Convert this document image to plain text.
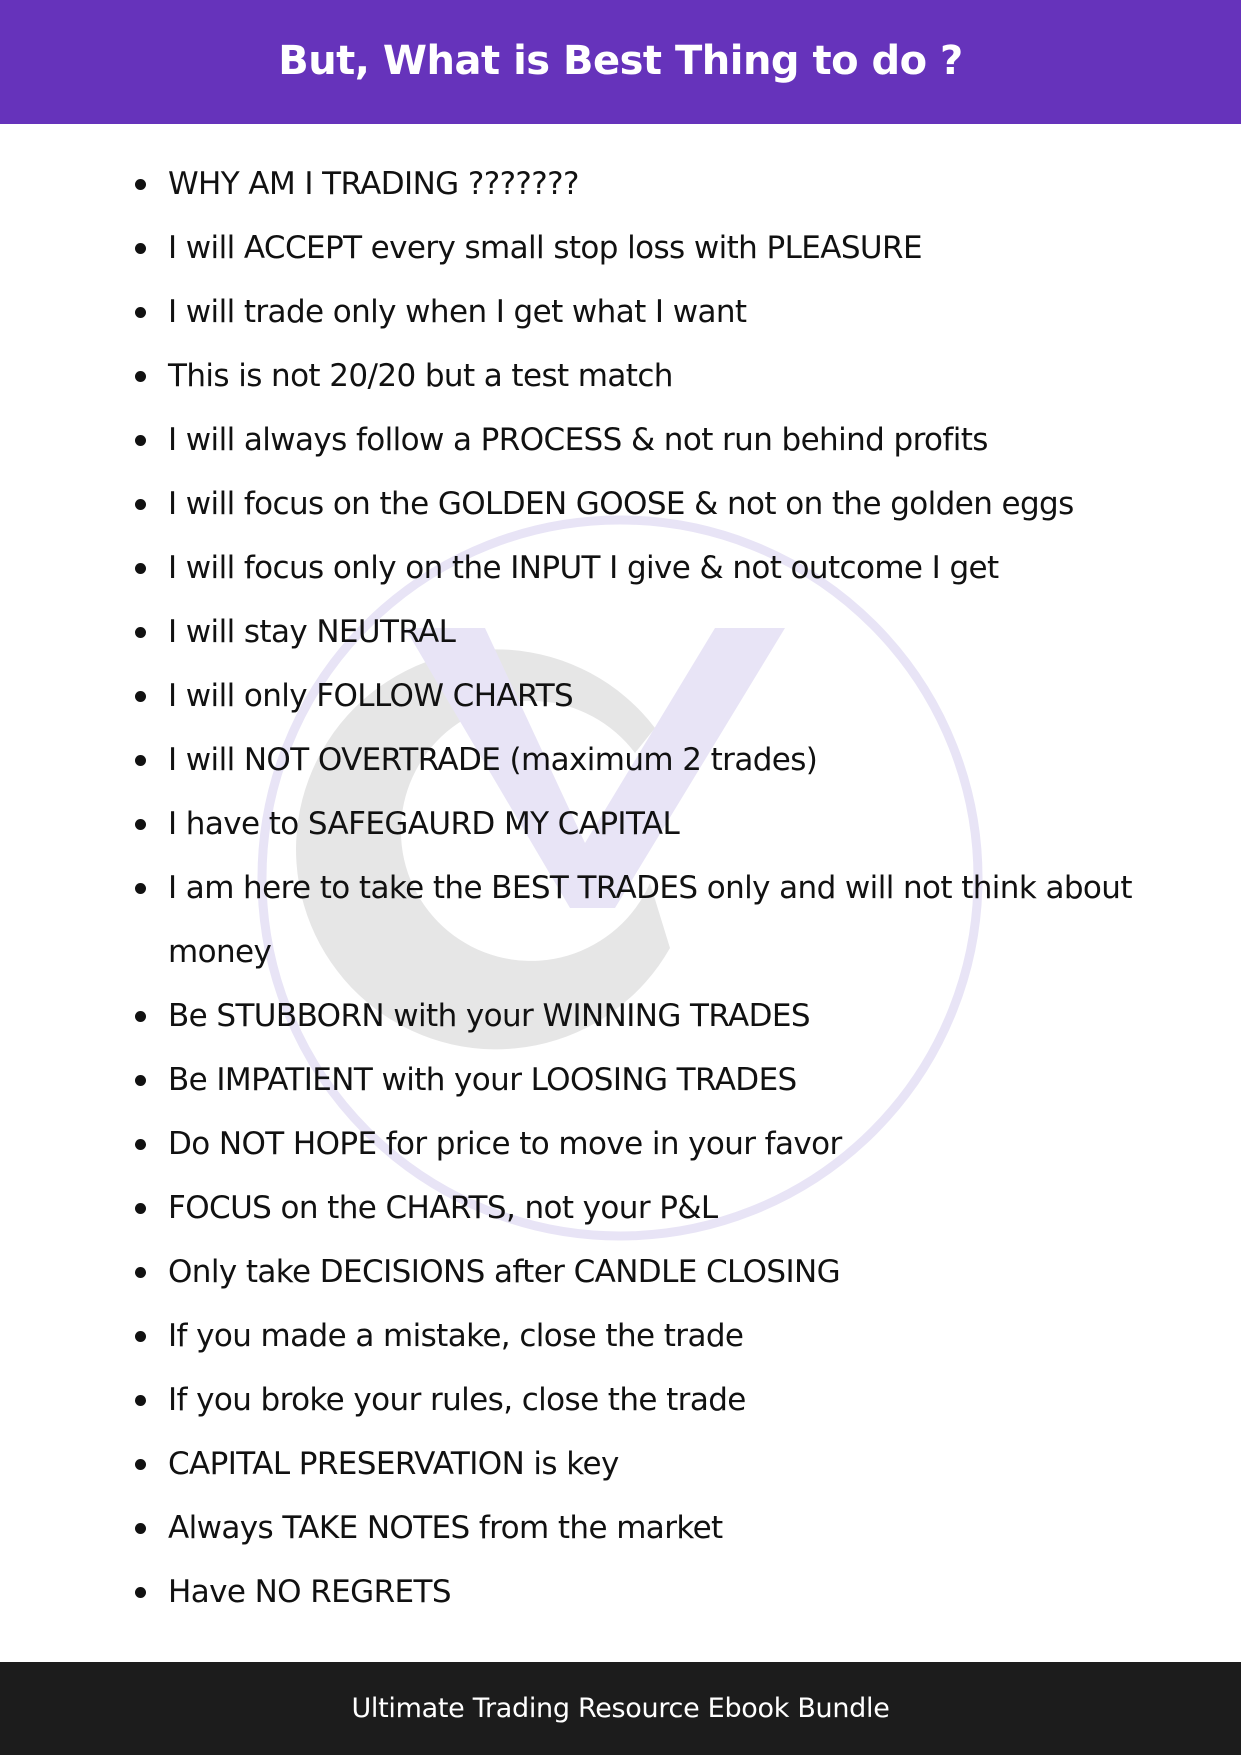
But, What is Best Thing to do ?
WHY AM I TRADING ???????
I will ACCEPT every small stop loss with PLEASURE
I will trade only when I get what I want
This is not 20/20 but a test match
I will always follow a PROCESS & not run behind profits
I will focus on the GOLDEN GOOSE & not on the golden eggs
I will focus only on the INPUT I give & not outcome I get
I will stay NEUTRAL
I will only FOLLOW CHARTS
I will NOT OVERTRADE (maximum 2 trades)
I have to SAFEGAURD MY CAPITAL
I am here to take the BEST TRADES only and will not think about money
Be STUBBORN with your WINNING TRADES
Be IMPATIENT with your LOOSING TRADES
Do NOT HOPE for price to move in your favor
FOCUS on the CHARTS, not your P&L
Only take DECISIONS after CANDLE CLOSING
If you made a mistake, close the trade
If you broke your rules, close the trade
CAPITAL PRESERVATION is key
Always TAKE NOTES from the market
Have NO REGRETS
Ultimate Trading Resource Ebook Bundle
